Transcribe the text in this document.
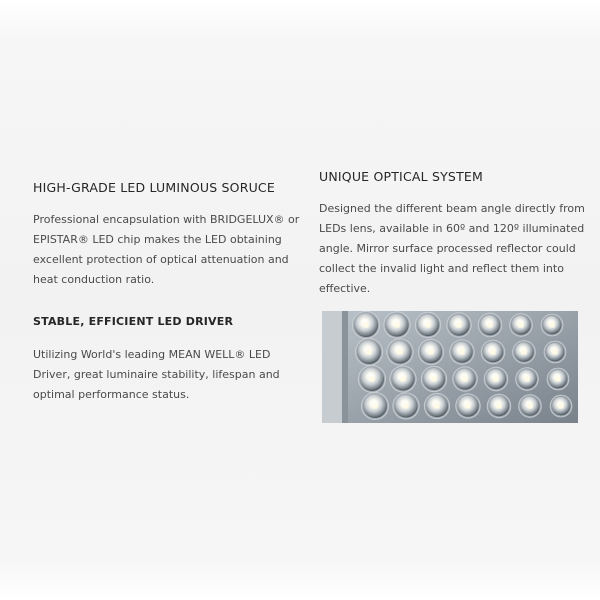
HIGH-GRADE LED LUMINOUS SORUCE

Professional encapsulation with BRIDGELUX® or
EPISTAR® LED chip makes the LED obtaining
excellent protection of optical attenuation and
heat conduction ratio.

STABLE, EFFICIENT LED DRIVER

Utilizing World's leading MEAN WELL® LED
Driver, great luminaire stability, lifespan and
optimal performance status.

UNIQUE OPTICAL SYSTEM

Designed the different beam angle directly from
LEDs lens, available in 60º and 120º illuminated
angle. Mirror surface processed reflector could
collect the invalid light and reflect them into
effective.
